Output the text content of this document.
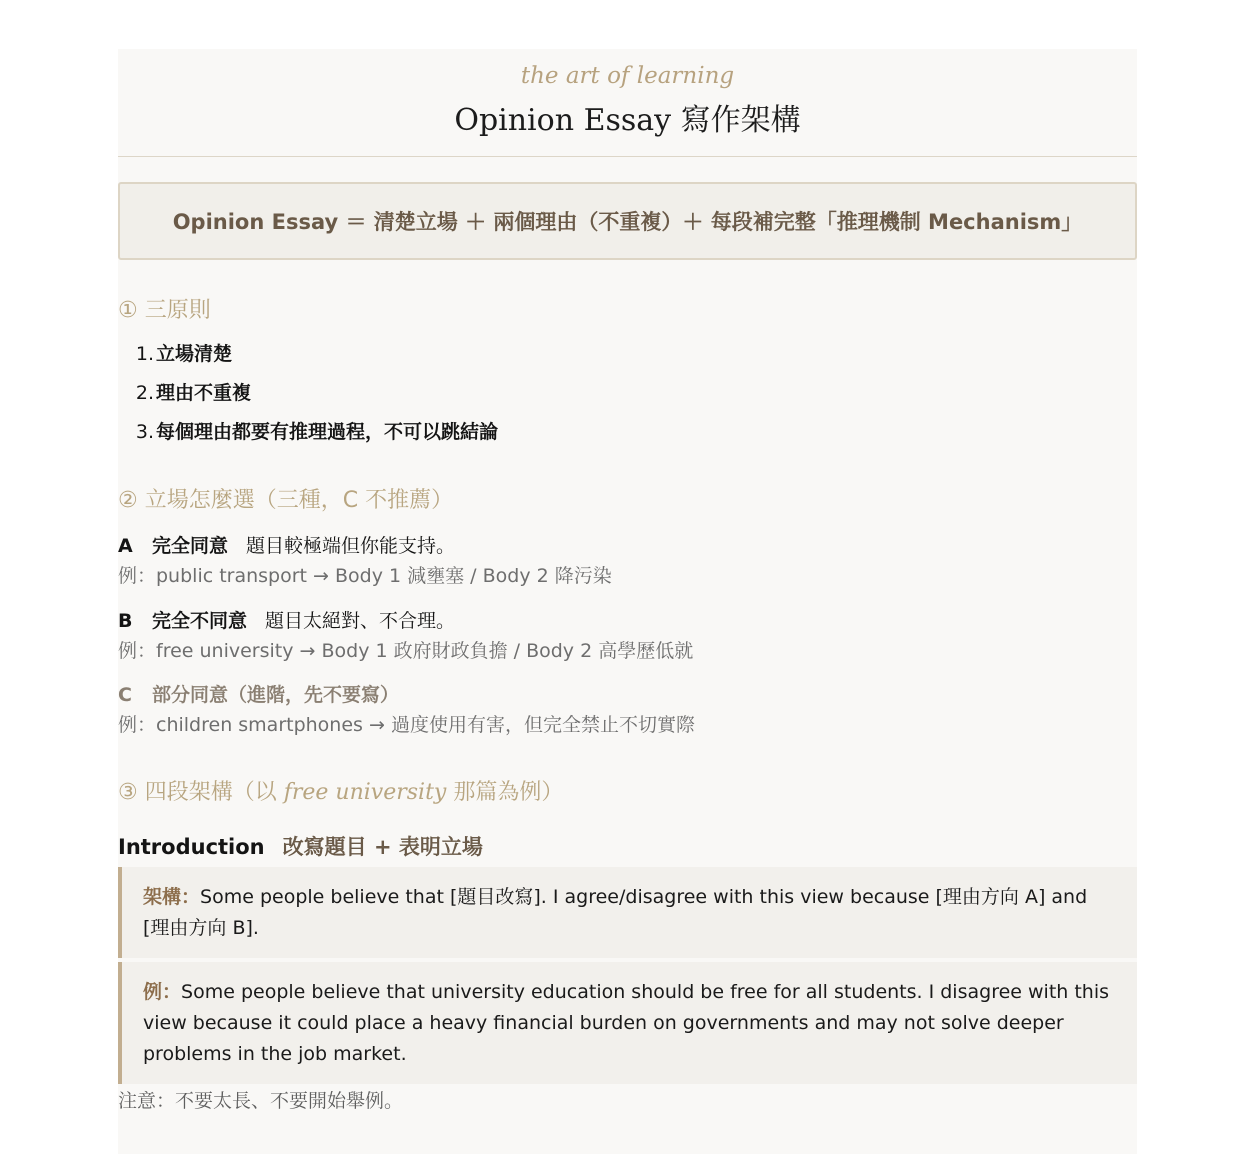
the art of learning
Opinion Essay 寫作架構
Opinion Essay ＝ 清楚立場 ＋ 兩個理由（不重複）＋ 每段補完整「推理機制 Mechanism」
① 三原則
1. 立場清楚
2. 理由不重複
3. 每個理由都要有推理過程，不可以跳結論
② 立場怎麼選（三種，C 不推薦）
A 完全同意 題目較極端但你能支持。
例：public transport → Body 1 減壅塞 / Body 2 降污染
B 完全不同意 題目太絕對、不合理。
例：free university → Body 1 政府財政負擔 / Body 2 高學歷低就
C 部分同意（進階，先不要寫）
例：children smartphones → 過度使用有害，但完全禁止不切實際
③ 四段架構（以 free university 那篇為例）
Introduction 改寫題目 + 表明立場
架構：Some people believe that [題目改寫]. I agree/disagree with this view because [理由方向 A] and [理由方向 B].
例：Some people believe that university education should be free for all students. I disagree with this view because it could place a heavy financial burden on governments and may not solve deeper problems in the job market.
注意：不要太長、不要開始舉例。
